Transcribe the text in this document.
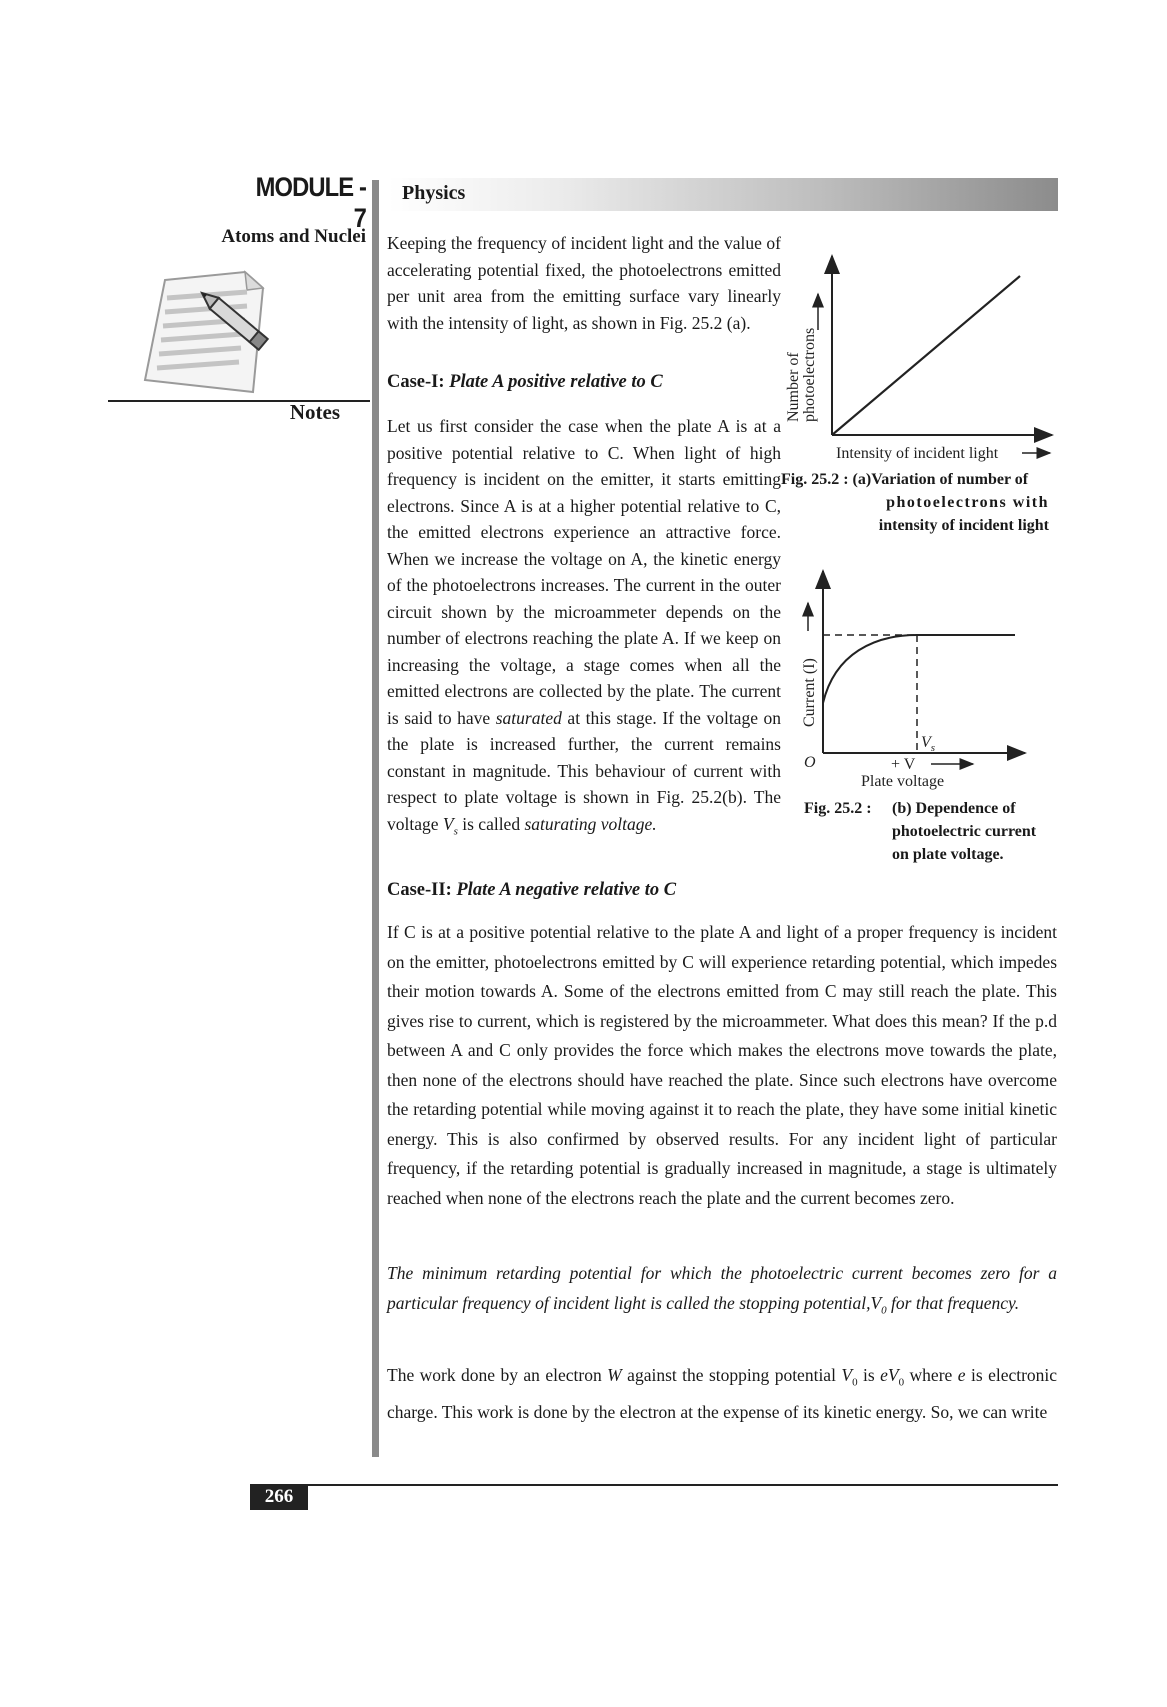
MODULE - 7
Atoms and Nuclei
Notes
Physics
Keeping the frequency of incident light and the value of accelerating potential fixed, the photoelectrons emitted per unit area from the emitting surface vary linearly with the intensity of light, as shown in Fig. 25.2 (a).
Case-I: Plate A positive relative to C
Let us first consider the case when the plate A is at a positive potential relative to C. When light of high frequency is incident on the emitter, it starts emitting electrons. Since A is at a higher potential relative to C, the emitted electrons experience an attractive force. When we increase the voltage on A, the kinetic energy of the photoelectrons increases. The current in the outer circuit shown by the microammeter depends on the number of electrons reaching the plate A. If we keep on increasing the voltage, a stage comes when all the emitted electrons are collected by the plate. The current is said to have saturated at this stage. If the voltage on the plate is increased further, the current remains constant in magnitude. This behaviour of current with respect to plate voltage is shown in Fig. 25.2(b). The voltage $V_s$ is called saturating voltage.
Number of photoelectrons
Intensity of incident light
Fig. 25.2 : (a)Variation of number of
photoelectrons with
intensity of incident light
Current (I)
O
$V_s$
+ V
Plate voltage
Fig. 25.2 : (b) Dependence of
photoelectric current
on plate voltage.
Case-II: Plate A negative relative to C
If C is at a positive potential relative to the plate A and light of a proper frequency is incident on the emitter, photoelectrons emitted by C will experience retarding potential, which impedes their motion towards A. Some of the electrons emitted from C may still reach the plate. This gives rise to current, which is registered by the microammeter. What does this mean? If the p.d between A and C only provides the force which makes the electrons move towards the plate, then none of the electrons should have reached the plate. Since such electrons have overcome the retarding potential while moving against it to reach the plate, they have some initial kinetic energy. This is also confirmed by observed results. For any incident light of particular frequency, if the retarding potential is gradually increased in magnitude, a stage is ultimately reached when none of the electrons reach the plate and the current becomes zero.
The minimum retarding potential for which the photoelectric current becomes zero for a particular frequency of incident light is called the stopping $potential,V_0$ for that frequency.
The work done by an electron W against the stopping potential $V_0$ is $eV_0$ where e is electronic charge. This work is done by the electron at the expense of its kinetic energy. So, we can write
266
